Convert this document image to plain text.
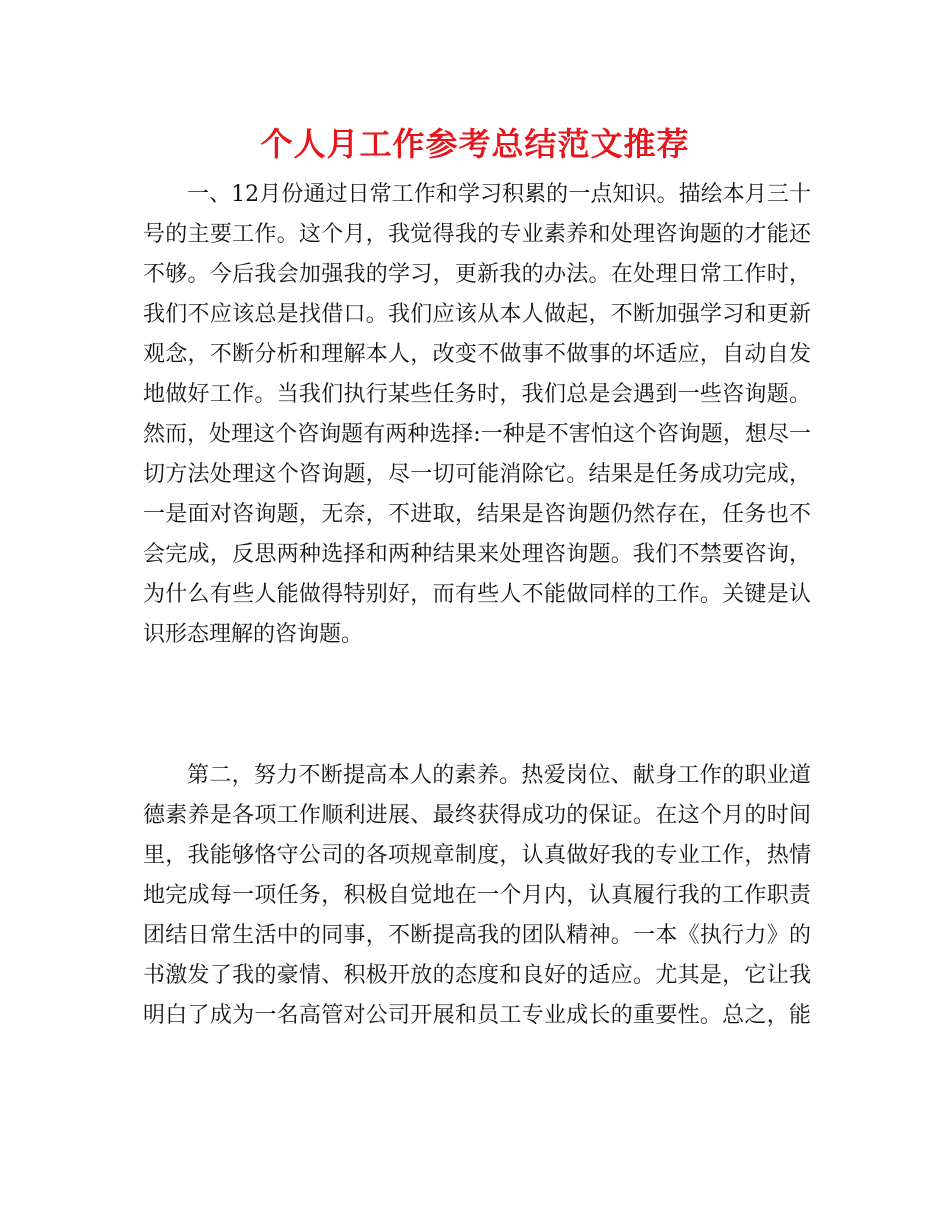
个人月工作参考总结范文推荐
一、12月份通过日常工作和学习积累的一点知识。描绘本月三十
号的主要工作。这个月，我觉得我的专业素养和处理咨询题的才能还
不够。今后我会加强我的学习，更新我的办法。在处理日常工作时，
我们不应该总是找借口。我们应该从本人做起，不断加强学习和更新
观念，不断分析和理解本人，改变不做事不做事的坏适应，自动自发
地做好工作。当我们执行某些任务时，我们总是会遇到一些咨询题。
然而，处理这个咨询题有两种选择:一种是不害怕这个咨询题，想尽一
切方法处理这个咨询题，尽一切可能消除它。结果是任务成功完成，
一是面对咨询题，无奈，不进取，结果是咨询题仍然存在，任务也不
会完成，反思两种选择和两种结果来处理咨询题。我们不禁要咨询，
为什么有些人能做得特别好，而有些人不能做同样的工作。关键是认
识形态理解的咨询题。
第二，努力不断提高本人的素养。热爱岗位、献身工作的职业道
德素养是各项工作顺利进展、最终获得成功的保证。在这个月的时间
里，我能够恪守公司的各项规章制度，认真做好我的专业工作，热情
地完成每一项任务，积极自觉地在一个月内，认真履行我的工作职责
团结日常生活中的同事，不断提高我的团队精神。一本《执行力》的
书激发了我的豪情、积极开放的态度和良好的适应。尤其是，它让我
明白了成为一名高管对公司开展和员工专业成长的重要性。总之，能
